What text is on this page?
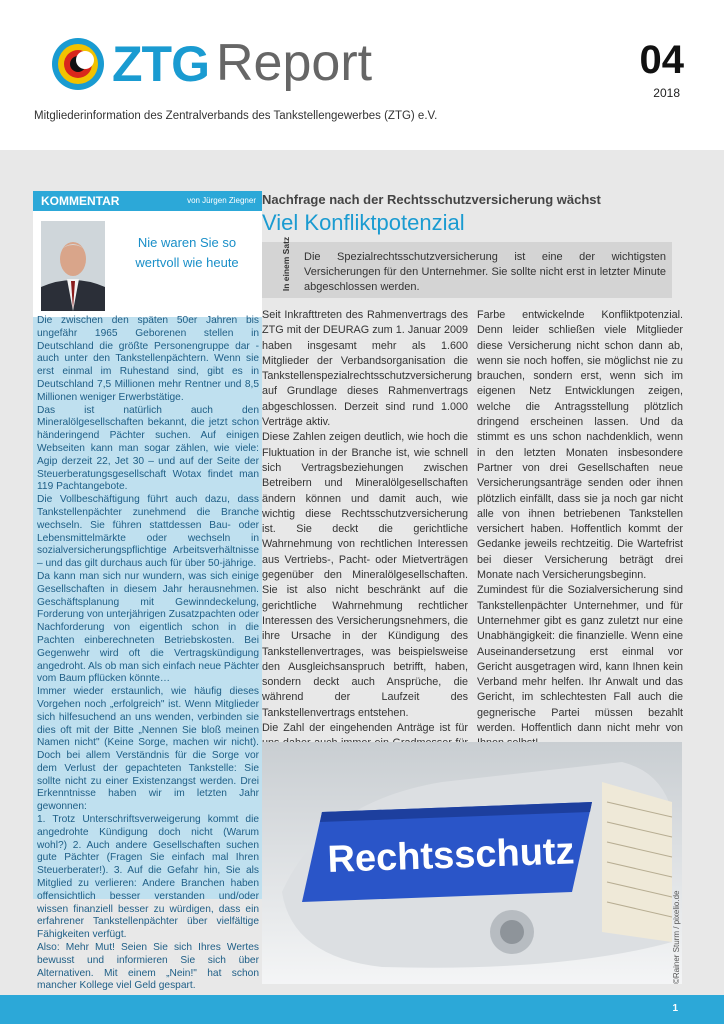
ZTG Report	04
2018
Mitgliederinformation des Zentralverbands des Tankstellengewerbes (ZTG) e.V.
KOMMENTAR	von Jürgen Ziegner
Nie waren Sie so wertvoll wie heute
Die zwischen den späten 50er Jahren bis ungefähr 1965 Geborenen stellen in Deutschland die größte Personengruppe dar - auch unter den Tankstellenpächtern. Wenn sie erst einmal im Ruhestand sind, gibt es in Deutschland 7,5 Millionen mehr Rentner und 8,5 Millionen weniger Erwerbstätige.
Das ist natürlich auch den Mineralölgesellschaften bekannt, die jetzt schon händeringend Pächter suchen. Auf einigen Webseiten kann man sogar zählen, wie viele: Agip derzeit 22, Jet 30 – und auf der Seite der Steuerberatungsgesellschaft Wotax findet man 119 Pachtangebote.
Die Vollbeschäftigung führt auch dazu, dass Tankstellenpächter zunehmend die Branche wechseln. Sie führen stattdessen Bau- oder Lebensmittelmärkte oder wechseln in sozialversicherungspflichtige Arbeitsverhältnisse – und das gilt durchaus auch für über 50-jährige.
Da kann man sich nur wundern, was sich einige Gesellschaften in diesem Jahr herausnehmen. Geschäftsplanung mit Gewinndeckelung, Forderung von unterjährigen Zusatzpachten oder Nachforderung von eigentlich schon in die Pachten einberechneten Betriebskosten. Bei Gegenwehr wird oft die Vertragskündigung angedroht. Als ob man sich einfach neue Pächter vom Baum pflücken könnte…
Immer wieder erstaunlich, wie häufig dieses Vorgehen noch „erfolgreich" ist. Wenn Mitglieder sich hilfesuchend an uns wenden, verbinden sie dies oft mit der Bitte „Nennen Sie bloß meinen Namen nicht" (Keine Sorge, machen wir nicht). Doch bei allem Verständnis für die Sorge vor dem Verlust der gepachteten Tankstelle: Sie sollte nicht zu einer Existenzangst werden. Drei Erkenntnisse haben wir im letzten Jahr gewonnen:
1. Trotz Unterschriftsverweigerung kommt die angedrohte Kündigung doch nicht (Warum wohl?) 2. Auch andere Gesellschaften suchen gute Pächter (Fragen Sie einfach mal Ihren Steuerberater!). 3. Auf die Gefahr hin, Sie als Mitglied zu verlieren: Andere Branchen haben offensichtlich besser verstanden und/oder wissen finanziell besser zu würdigen, dass ein erfahrener Tankstellenpächter über vielfältige Fähigkeiten verfügt.
Also: Mehr Mut! Seien Sie sich Ihres Wertes bewusst und informieren Sie sich über Alternativen. Mit einem „Nein!" hat schon mancher Kollege viel Geld gespart.
Nachfrage nach der Rechtsschutzversicherung wächst
Viel Konfliktpotenzial
In einem Satz Die Spezialrechtsschutzversicherung ist eine der wichtigsten Versicherungen für den Unternehmer. Sie sollte nicht erst in letzter Minute abgeschlossen werden.
Seit Inkrafttreten des Rahmenvertrags des ZTG mit der DEURAG zum 1. Januar 2009 haben insgesamt mehr als 1.600 Mitglieder der Verbandsorganisation die Tankstellenspezialrechtsschutzversicherung auf Grundlage dieses Rahmenvertrags abgeschlossen. Derzeit sind rund 1.000 Verträge aktiv.
Diese Zahlen zeigen deutlich, wie hoch die Fluktuation in der Branche ist, wie schnell sich Vertragsbeziehungen zwischen Betreibern und Mineralölgesellschaften ändern können und damit auch, wie wichtig diese Rechtsschutzversicherung ist. Sie deckt die gerichtliche Wahrnehmung von rechtlichen Interessen aus Vertriebs-, Pacht- oder Mietverträgen gegenüber den Mineralölgesellschaften. Sie ist also nicht beschränkt auf die gerichtliche Wahrnehmung rechtlicher Interessen des Versicherungsnehmers, die ihre Ursache in der Kündigung des Tankstellenvertrages, was beispielsweise den Ausgleichsanspruch betrifft, haben, sondern deckt auch Ansprüche, die während der Laufzeit des Tankstellenvertrags entstehen.
Die Zahl der eingehenden Anträge ist für
Farbe entwickelnde Konfliktpotenzial. Denn leider schließen viele Mitglieder diese Versicherung nicht schon dann ab, wenn sie noch hoffen, sie möglichst nie zu brauchen, sondern erst, wenn sich im eigenen Netz Entwicklungen zeigen, welche die Antragsstellung plötzlich dringend erscheinen lassen. Und da stimmt es uns schon nachdenklich, wenn in den letzten Monaten insbesondere Partner von drei Gesellschaften neue Versicherungsanträge senden oder ihnen plötzlich einfällt, dass sie ja noch gar nicht alle von ihnen betriebenen Tankstellen versichert haben. Hoffentlich kommt der Gedanke jeweils rechtzeitig. Die Wartefrist bei dieser Versicherung beträgt drei Monate nach Versicherungsbeginn.
Zumindest für die Sozialversicherung sind Tankstellenpächter Unternehmer, und für Unternehmer gibt es ganz zuletzt nur eine Unabhängigkeit: die finanzielle. Wenn eine Auseinandersetzung erst einmal vor Gericht ausgetragen wird, kann Ihnen kein Verband mehr helfen. Ihr Anwalt und das Gericht, im schlechtesten Fall auch die gegnerische Partei müssen bezahlt werden. Hoffentlich dann nicht mehr von
Rechtsschutz
©Rainer Sturm / pixelio.de
1
